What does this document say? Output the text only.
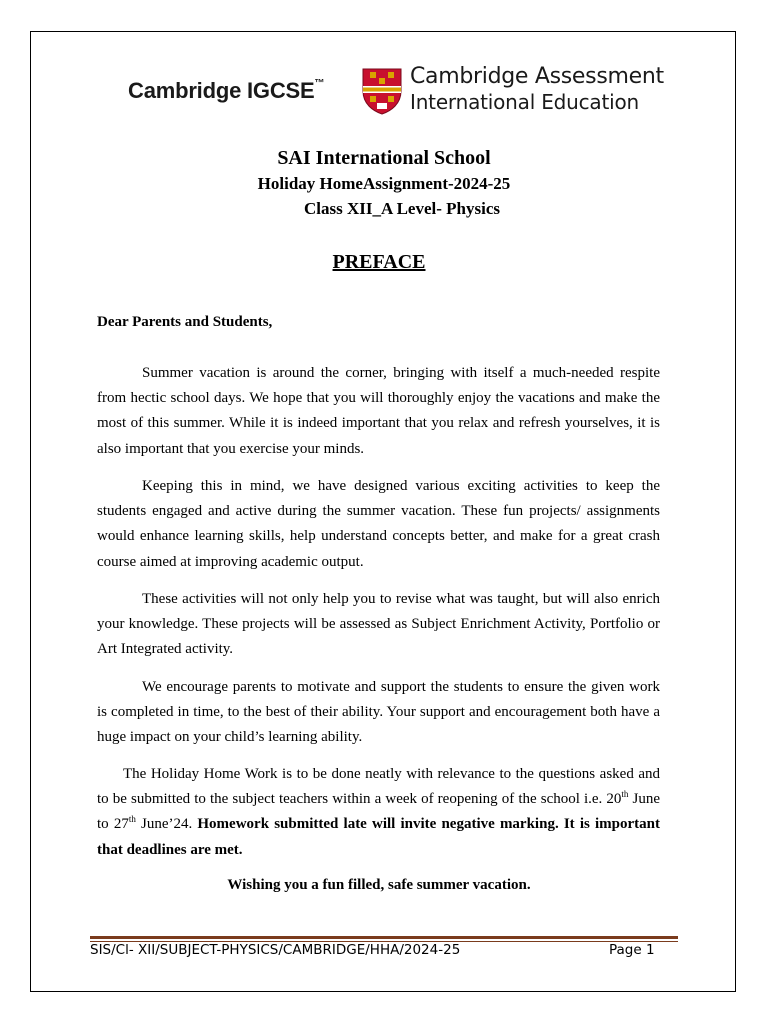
Cambridge IGCSE™	Cambridge Assessment
International Education
SAI International School
Holiday HomeAssignment-2024-25
Class XII_A Level- Physics
PREFACE
Dear Parents and Students,

Summer vacation is around the corner, bringing with itself a much-needed respite from hectic school days. We hope that you will thoroughly enjoy the vacations and make the most of this summer. While it is indeed important that you relax and refresh yourselves, it is also important that you exercise your minds.

Keeping this in mind, we have designed various exciting activities to keep the students engaged and active during the summer vacation. These fun projects/ assignments would enhance learning skills, help understand concepts better, and make for a great crash course aimed at improving academic output.

These activities will not only help you to revise what was taught, but will also enrich your knowledge. These projects will be assessed as Subject Enrichment Activity, Portfolio or Art Integrated activity.

We encourage parents to motivate and support the students to ensure the given work is completed in time, to the best of their ability. Your support and encouragement both have a huge impact on your child’s learning ability.

The Holiday Home Work is to be done neatly with relevance to the questions asked and to be submitted to the subject teachers within a week of reopening of the school i.e. 20th June to 27th June’24. Homework submitted late will invite negative marking. It is important that deadlines are met.

Wishing you a fun filled, safe summer vacation.
SIS/Cl- XII/SUBJECT-PHYSICS/CAMBRIDGE/HHA/2024-25	Page 1
